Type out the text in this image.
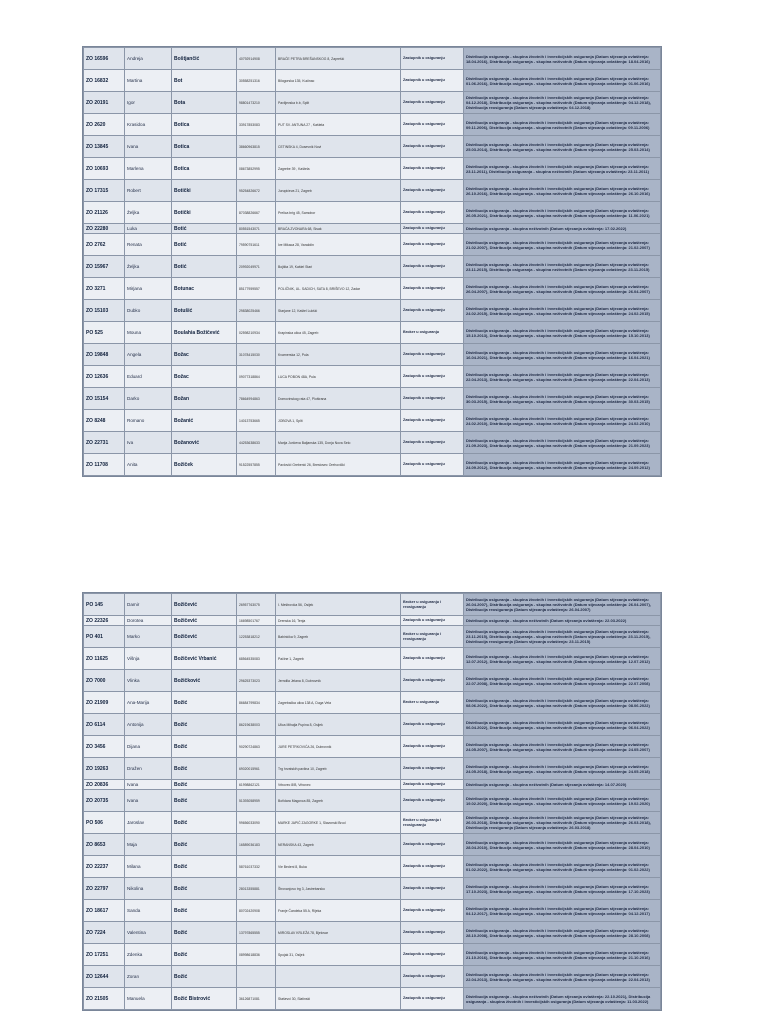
ZO 16596	Andreja	Boštjančić	40792914908	BRAĆE PETRA BREŠANSKOG 8, Zaprešić	Zastupnik u osiguranju	Distribucija osiguranja - skupina životnih i investicijskih osiguranja (Datum stjecanja ovlaštenja: 18.04.2016), Distribucija osiguranja - skupina neživotnih (Datum stjecanja ovlaštenja: 18.04.2016)
ZO 16832	Martina	Bot	30558251316	Bilogorska 135, Kućinac	Zastupnik u osiguranju	Distribucija osiguranja - skupina životnih i investicijskih osiguranja (Datum stjecanja ovlaštenja: 01.06.2016), Distribucija osiguranja - skupina neživotnih (Datum stjecanja ovlaštenja: 01.06.2016)
ZO 20191	Igor	Bota	98801473210	Pavlijevska b.b, Split	Zastupnik u osiguranju	Distribucija osiguranja - skupina životnih i investicijskih osiguranja (Datum stjecanja ovlaštenja: 04.12.2018), Distribucija osiguranja - skupina neživotnih (Datum stjecanja ovlaštenja: 04.12.2018), Distribucija reosiguranja (Datum stjecanja ovlaštenja: 04.12.2018)
ZO 2620	Krasidoa	Botica	33917853083	PUT SV. ANTUNA 27 , Kaštela	Zastupnik u osiguranju	Distribucija osiguranja - skupina životnih i investicijskih osiguranja (Datum stjecanja ovlaštenja: 09.11.2006), Distribucija osiguranja - skupina neživotnih (Datum stjecanja ovlaštenja: 09.11.2006)
ZO 13845	Ivana	Botica	38660963815	CETINSKA 4, Dusevnik Novi	Zastupnik u osiguranju	Distribucija osiguranja - skupina životnih i investicijskih osiguranja (Datum stjecanja ovlaštenja: 25.03.2014), Distribucija osiguranja - skupina neživotnih (Datum stjecanja ovlaštenja: 25.03.2014)
ZO 10693	Marlena	Botica	08673852995	Zagrebe 39 , Kaštela	Zastupnik u osiguranju	Distribucija osiguranja - skupina životnih i investicijskih osiguranja (Datum stjecanja ovlaštenja: 23.11.2011), Distribucija osiguranja - skupina neživotnih (Datum stjecanja ovlaštenja: 23.11.2011)
ZO 17315	Robert	Botički	95254826672	Jurupićeva 21, Zagreb	Zastupnik u osiguranju	Distribucija osiguranja - skupina životnih i investicijskih osiguranja (Datum stjecanja ovlaštenja: 26.10.2016), Distribucija osiguranja - skupina neživotnih (Datum stjecanja ovlaštenja: 26.10.2016)
ZO 21126	Željka	Botički	87038826667	Prelica brig 45, Samobor	Zastupnik u osiguranju	Distribucija osiguranja - skupina životnih i investicijskih osiguranja (Datum stjecanja ovlaštenja: 26.05.2021), Distribucija osiguranja - skupina neživotnih (Datum stjecanja ovlaštenja: 11.06.2021)
ZO 22280	Luka	Botić	80551543071	BRAĆA ZVONARA 68, Sisak	Zastupnik u osiguranju	Distribucija osiguranja - skupina neživotnih (Datum stjecanja ovlaštenja: 17.02.2022)
ZO 2762	Renata	Botić	79590751611	Ive Mikaca 28, Varaždin	Zastupnik u osiguranju	Distribucija osiguranja - skupina životnih i investicijskih osiguranja (Datum stjecanja ovlaštenja: 21.02.2007), Distribucija osiguranja - skupina neživotnih (Datum stjecanja ovlaštenja: 21.02.2007)
ZO 15967	Željka	Botić	20992049971	Bojišta 19, Kaštel Stari	Zastupnik u osiguranju	Distribucija osiguranja - skupina životnih i investicijskih osiguranja (Datum stjecanja ovlaštenja: 23.11.2015), Distribucija osiguranja - skupina neživotnih (Datum stjecanja ovlaštenja: 23.11.2015)
ZO 3271	Mirjana	Botunac	85177959557	POLIČNIK, UL. SADICH, SATA 8, BRIŠEVO 12, Zadar	Zastupnik u osiguranju	Distribucija osiguranja - skupina životnih i investicijskih osiguranja (Datum stjecanja ovlaštenja: 26.04.2007), Distribucija osiguranja - skupina neživotnih (Datum stjecanja ovlaštenja: 26.04.2007)
ZO 15103	Dubko	Botušić	29838025466	Starjane 12, Kaštel Lukšić	Zastupnik u osiguranju	Distribucija osiguranja - skupina životnih i investicijskih osiguranja (Datum stjecanja ovlaštenja: 24.02.2015), Distribucija osiguranja - skupina neživotnih (Datum stjecanja ovlaštenja: 24.02.2015)
PO 525	Mouna	Boulahia Božičević	02598210934	Krapinska ulica 45, Zagreb	Broker u osiguranju	Distribucija osiguranja - skupina životnih i investicijskih osiguranja (Datum stjecanja ovlaštenja: 15.10.2013), Distribucija osiguranja - skupina neživotnih (Datum stjecanja ovlaštenja: 15.10.2013)
ZO 19848	Angela	Božac	31078415030	Kvarnerska 12, Pula	Zastupnik u osiguranju	Distribucija osiguranja - skupina životnih i investicijskih osiguranja (Datum stjecanja ovlaštenja: 16.04.2021), Distribucija osiguranja - skupina neživotnih (Datum stjecanja ovlaštenja: 16.04.2021)
ZO 12636	Eduard	Božac	09077318864	LUCA POBON 48A, Pula	Zastupnik u osiguranju	Distribucija osiguranja - skupina životnih i investicijskih osiguranja (Datum stjecanja ovlaštenja: 22.04.2013), Distribucija osiguranja - skupina neživotnih (Datum stjecanja ovlaštenja: 22.04.2013)
ZO 15154	Darko	Božan	78664994863	Domovinskog rata 47, Ploštrana	Zastupnik u osiguranju	Distribucija osiguranja - skupina životnih i investicijskih osiguranja (Datum stjecanja ovlaštenja: 30.03.2015), Distribucija osiguranja - skupina neživotnih (Datum stjecanja ovlaštenja: 30.03.2015)
ZO 8248	Romano	Božanić	14013753665	JOBOVA 1, Split	Zastupnik u osiguranju	Distribucija osiguranja - skupina životnih i investicijskih osiguranja (Datum stjecanja ovlaštenja: 24.02.2010), Distribucija osiguranja - skupina neživotnih (Datum stjecanja ovlaštenja: 24.02.2010)
ZO 22731	Iva	Božanović	44253638633	Marija Jurićeva Baljanska 135, Donja Nova Selo	Zastupnik u osiguranju	Distribucija osiguranja - skupina životnih i investicijskih osiguranja (Datum stjecanja ovlaštenja: 21.09.2023), Distribucija osiguranja - skupina neživotnih (Datum stjecanja ovlaštenja: 21.09.2023)
ZO 11708	Anita	Božiček	91522557855	Pavlovići Grebenić 26, Brestovec Orehovički	Zastupnik u osiguranju	Distribucija osiguranja - skupina životnih i investicijskih osiguranja (Datum stjecanja ovlaštenja: 24.09.2012), Distribucija osiguranja - skupina neživotnih (Datum stjecanja ovlaštenja: 24.09.2012)
PO 145	Damir	Božičević	26957763075	I. Meštrovića 56, Osijek	Broker u osiguranju i reosiguranju	Distribucija osiguranja - skupina životnih i investicijskih osiguranja (Datum stjecanja ovlaštenja: 26.04.2007), Distribucija osiguranja - skupina neživotnih (Datum stjecanja ovlaštenja: 26.04.2007), Distribucija reosiguranja (Datum stjecanja ovlaštenja: 26.04.2007)
ZO 22326	Dorotea	Božičević	16698501767	Drenska 16, Tenja	Zastupnik u osiguranju	Distribucija osiguranja - skupina neživotnih (Datum stjecanja ovlaštenja: 22.03.2022)
PO 401	Marko	Božičević	12253818212	Babinićka 9, Zagreb	Broker u osiguranju i reosiguranju	Distribucija osiguranja - skupina životnih i investicijskih osiguranja (Datum stjecanja ovlaštenja: 23.11.2015), Distribucija osiguranja - skupina neživotnih (Datum stjecanja ovlaštenja: 23.11.2015), Distribucija reosiguranja (Datum stjecanja ovlaštenja: 23.11.2015)
ZO 11625	Višnja	Božičević Vrbanić	68564535083	Pačine 1, Zagreb	Zastupnik u osiguranju	Distribucija osiguranja - skupina životnih i investicijskih osiguranja (Datum stjecanja ovlaštenja: 12.07.2012), Distribucija osiguranja - skupina neživotnih (Datum stjecanja ovlaštenja: 12.07.2012)
ZO 7000	Vlinka	Božičković	29625373023	Jerndila Jelana 8, Dubrovnik	Zastupnik u osiguranju	Distribucija osiguranja - skupina životnih i investicijskih osiguranja (Datum stjecanja ovlaštenja: 22.07.2008), Distribucija osiguranja - skupina neživotnih (Datum stjecanja ovlaštenja: 22.07.2008)
ZO 21909	Ana-Marija	Božić	86684799834	Zagrebačka ulica 138 A, Duga Vela	Broker u osiguranju	Distribucija osiguranja - skupina životnih i investicijskih osiguranja (Datum stjecanja ovlaštenja: 08.06.2022), Distribucija osiguranja - skupina neživotnih (Datum stjecanja ovlaštenja: 08.06.2022)
ZO 6114	Antonija	Božić	86219638003	Ulica Mihajla Pupina 8, Osijek	Zastupnik u osiguranju	Distribucija osiguranja - skupina životnih i investicijskih osiguranja (Datum stjecanja ovlaštenja: 06.04.2022), Distribucija osiguranja - skupina neživotnih (Datum stjecanja ovlaštenja: 06.04.2022)
ZO 3456	Dijana	Božić	90290724863	JURE PETRKOVIĆA 26, Dubrovnik	Zastupnik u osiguranju	Distribucija osiguranja - skupina životnih i investicijskih osiguranja (Datum stjecanja ovlaštenja: 24.05.2007), Distribucija osiguranja - skupina neživotnih (Datum stjecanja ovlaštenja: 24.05.2007)
ZO 19263	Dražen	Božić	69020015961	Trg hrvatskih pavlina 10, Zagreb	Zastupnik u osiguranju	Distribucija osiguranja - skupina životnih i investicijskih osiguranja (Datum stjecanja ovlaštenja: 24.05.2018), Distribucija osiguranja - skupina neživotnih (Datum stjecanja ovlaštenja: 24.05.2018)
ZO 20836	Ivana	Božić	61998862121	Vrbovec 8/B, Vrbovec	Zastupnik u osiguranju	Distribucija osiguranja - skupina neživotnih (Datum stjecanja ovlaštenja: 14.07.2020)
ZO 20735	Ivana	Božić	51393058959	Bořidara Magovca 85, Zagreb	Zastupnik u osiguranju	Distribucija osiguranja - skupina životnih i investicijskih osiguranja (Datum stjecanja ovlaštenja: 19.02.2020), Distribucija osiguranja - skupina neživotnih (Datum stjecanja ovlaštenja: 19.02.2020)
PO 506	Jaroslav	Božić	99656033090	MARKE JAPIĆ ZAGORKE 1, Slavonski Brod	Broker u osiguranju i reosiguranju	Distribucija osiguranja - skupina životnih i investicijskih osiguranja (Datum stjecanja ovlaštenja: 26.03.2018), Distribucija osiguranja - skupina neživotnih (Datum stjecanja ovlaštenja: 26.03.2018), Distribucija reosiguranja (Datum stjecanja ovlaštenja: 26.03.2018)
ZO 8653	Maja	Božić	16589036183	NERANSKA 43, Zagreb	Zastupnik u osiguranju	Distribucija osiguranja - skupina životnih i investicijskih osiguranja (Datum stjecanja ovlaštenja: 28.04.2010), Distribucija osiguranja - skupina neživotnih (Datum stjecanja ovlaštenja: 28.04.2010)
ZO 22237	Milana	Božić	58761037332	Vie Bedeni 8, Buka	Zastupnik u osiguranju	Distribucija osiguranja - skupina životnih i investicijskih osiguranja (Datum stjecanja ovlaštenja: 01.02.2022), Distribucija osiguranja - skupina neživotnih (Datum stjecanja ovlaštenja: 01.02.2022)
ZO 22797	Nikolina	Božić	28013355881	Štrovanjovo trg 3, Jastrebarsko	Zastupnik u osiguranju	Distribucija osiguranja - skupina životnih i investicijskih osiguranja (Datum stjecanja ovlaštenja: 17.10.2023), Distribucija osiguranja - skupina neživotnih (Datum stjecanja ovlaštenja: 17.10.2023)
ZO 18617	Sanda	Božić	80702420908	Franje Čandeka 55 A, Rijeka	Zastupnik u osiguranju	Distribucija osiguranja - skupina životnih i investicijskih osiguranja (Datum stjecanja ovlaštenja: 04.12.2017), Distribucija osiguranja - skupina neživotnih (Datum stjecanja ovlaštenja: 04.12.2017)
ZO 7224	Valentina	Božić	13797865555	MIROSLAV KRLEŽA 78, Bjelovar	Zastupnik u osiguranju	Distribucija osiguranja - skupina životnih i investicijskih osiguranja (Datum stjecanja ovlaštenja: 28.10.2008), Distribucija osiguranja - skupina neživotnih (Datum stjecanja ovlaštenja: 28.10.2008)
ZO 17251	Zdenka	Božić	08998618836	Spojak 31, Osijek	Zastupnik u osiguranju	Distribucija osiguranja - skupina životnih i investicijskih osiguranja (Datum stjecanja ovlaštenja: 21.10.2016), Distribucija osiguranja - skupina neživotnih (Datum stjecanja ovlaštenja: 21.10.2016)
ZO 12644	Zoran	Božić			Zastupnik u osiguranju	Distribucija osiguranja - skupina životnih i investicijskih osiguranja (Datum stjecanja ovlaštenja: 22.04.2013), Distribucija osiguranja - skupina neživotnih (Datum stjecanja ovlaštenja: 22.04.2013)
ZO 21505	Manuela	Božić Bistrović	36126871081	Staševci 30, Slatinski	Zastupnik u osiguranju	Distribucija osiguranja - skupina neživotnih (Datum stjecanja ovlaštenja: 22.10.2021), Distribucija osiguranja - skupina životnih i investicijskih osiguranja (Datum stjecanja ovlaštenja: 11.03.2022)
